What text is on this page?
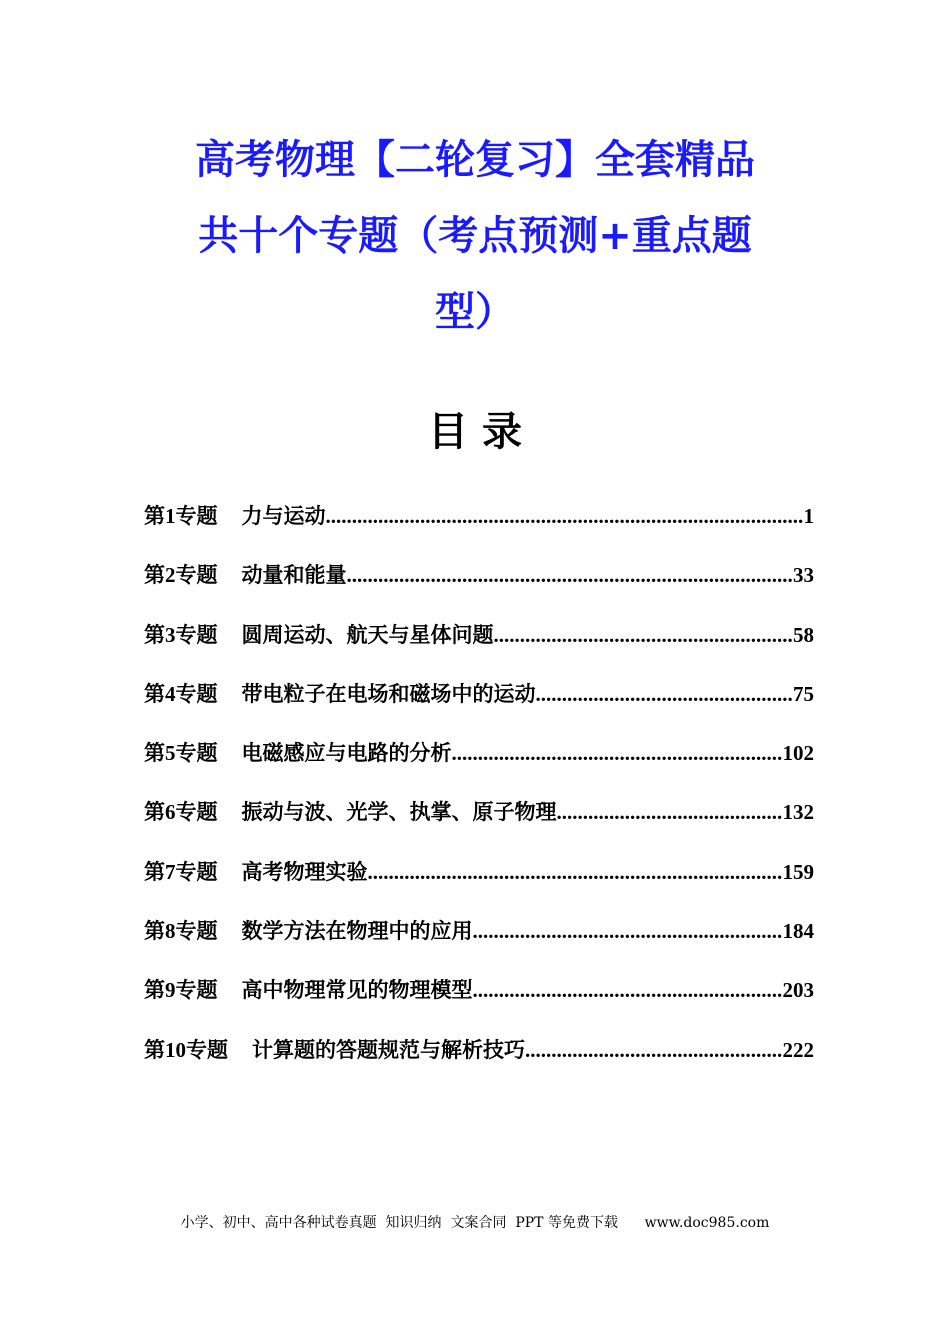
高考物理【二轮复习】全套精品
共十个专题（考点预测+重点题
型）
目 录
第 1 专题 力与运动 .....	1
第 2 专题 动量和能量 .....	33
第 3 专题 圆周运动、航天与星体问题 .....	58
第 4 专题 带电粒子在电场和磁场中的运动 .....	75
第 5 专题 电磁感应与电路的分析 .....	102
第 6 专题 振动与波、光学、执掌、原子物理 .....	132
第 7 专题 高考物理实验 .....	159
第 8 专题 数学方法在物理中的应用 .....	184
第 9 专题 高中物理常见的物理模型 .....	203
第 10 专题 计算题的答题规范与解析技巧 .....	222
小学、初中、高中各种试卷真题  知识归纳  文案合同  PPT 等免费下载 www.doc985.com
